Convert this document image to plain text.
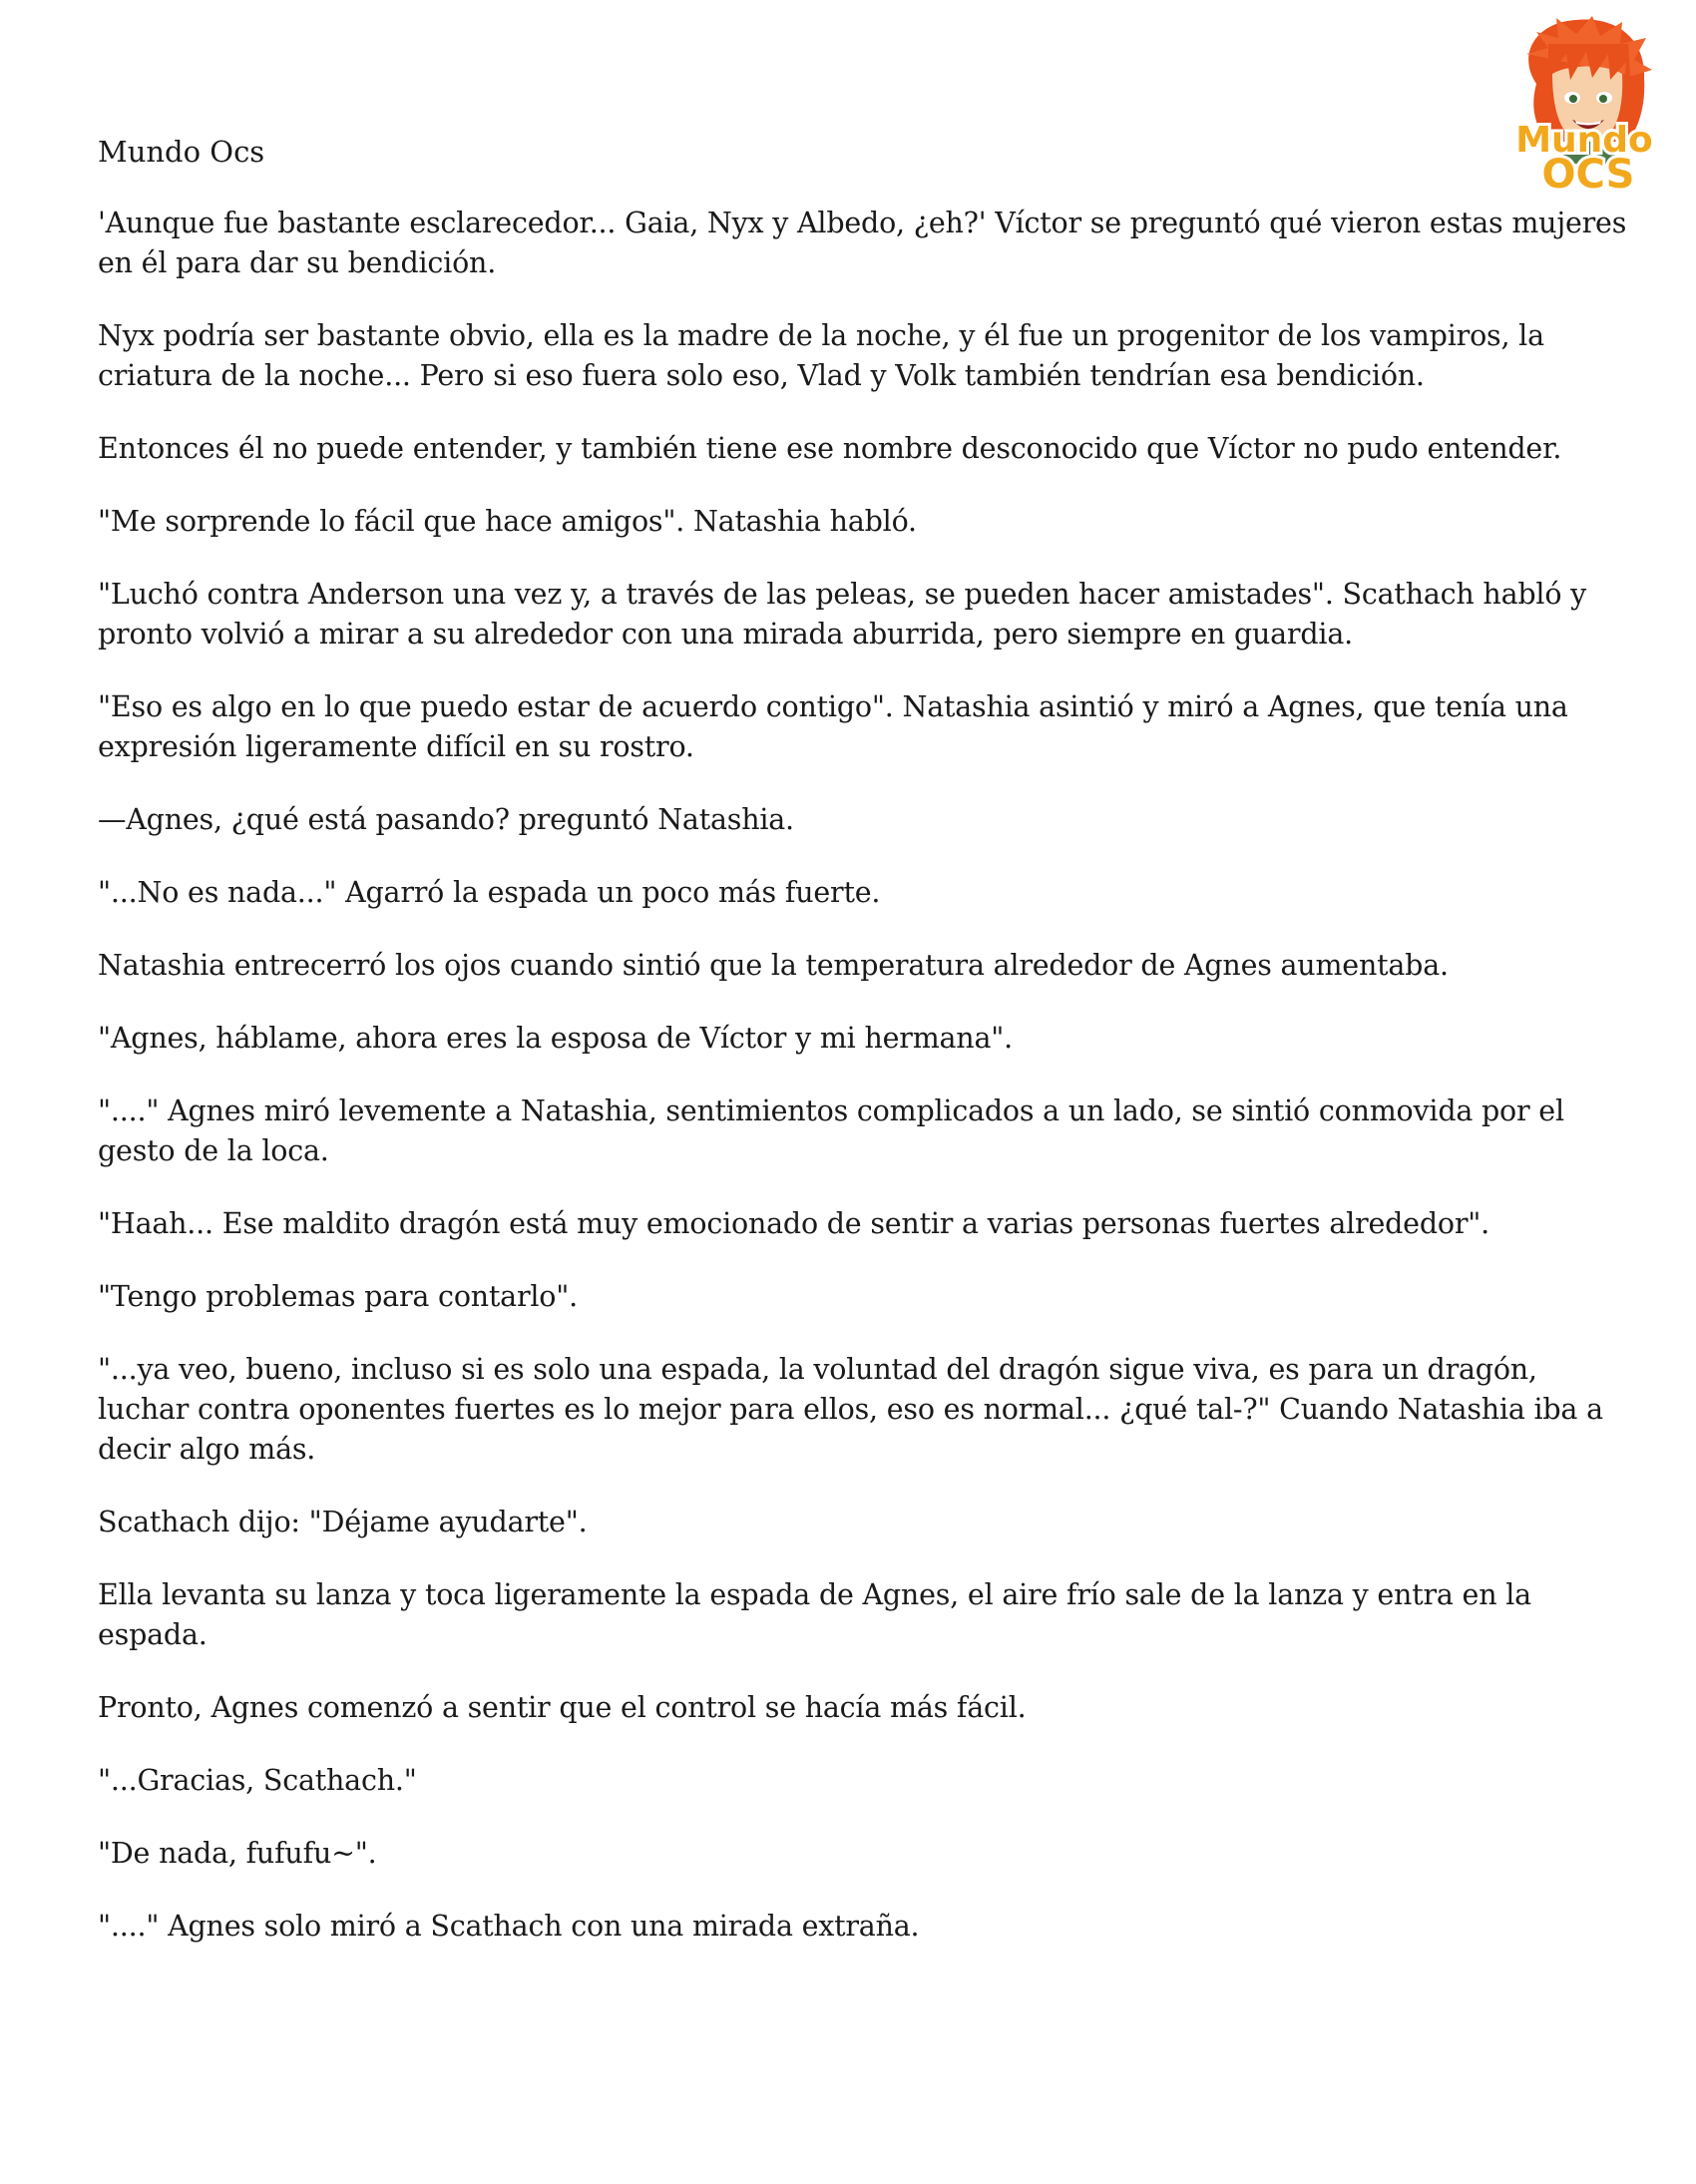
Mundo
OCS
Mundo Ocs

'Aunque fue bastante esclarecedor... Gaia, Nyx y Albedo, ¿eh?' Víctor se preguntó qué vieron estas mujeres en él para dar su bendición.

Nyx podría ser bastante obvio, ella es la madre de la noche, y él fue un progenitor de los vampiros, la criatura de la noche... Pero si eso fuera solo eso, Vlad y Volk también tendrían esa bendición.

Entonces él no puede entender, y también tiene ese nombre desconocido que Víctor no pudo entender.

"Me sorprende lo fácil que hace amigos". Natashia habló.

"Luchó contra Anderson una vez y, a través de las peleas, se pueden hacer amistades". Scathach habló y pronto volvió a mirar a su alrededor con una mirada aburrida, pero siempre en guardia.

"Eso es algo en lo que puedo estar de acuerdo contigo". Natashia asintió y miró a Agnes, que tenía una expresión ligeramente difícil en su rostro.

—Agnes, ¿qué está pasando? preguntó Natashia.

"...No es nada..." Agarró la espada un poco más fuerte.

Natashia entrecerró los ojos cuando sintió que la temperatura alrededor de Agnes aumentaba.

"Agnes, háblame, ahora eres la esposa de Víctor y mi hermana".

"...." Agnes miró levemente a Natashia, sentimientos complicados a un lado, se sintió conmovida por el gesto de la loca.

"Haah... Ese maldito dragón está muy emocionado de sentir a varias personas fuertes alrededor".

"Tengo problemas para contarlo".

"...ya veo, bueno, incluso si es solo una espada, la voluntad del dragón sigue viva, es para un dragón, luchar contra oponentes fuertes es lo mejor para ellos, eso es normal... ¿qué tal-?" Cuando Natashia iba a decir algo más.

Scathach dijo: "Déjame ayudarte".

Ella levanta su lanza y toca ligeramente la espada de Agnes, el aire frío sale de la lanza y entra en la espada.

Pronto, Agnes comenzó a sentir que el control se hacía más fácil.

"...Gracias, Scathach."

"De nada, fufufu~".

"...." Agnes solo miró a Scathach con una mirada extraña.
